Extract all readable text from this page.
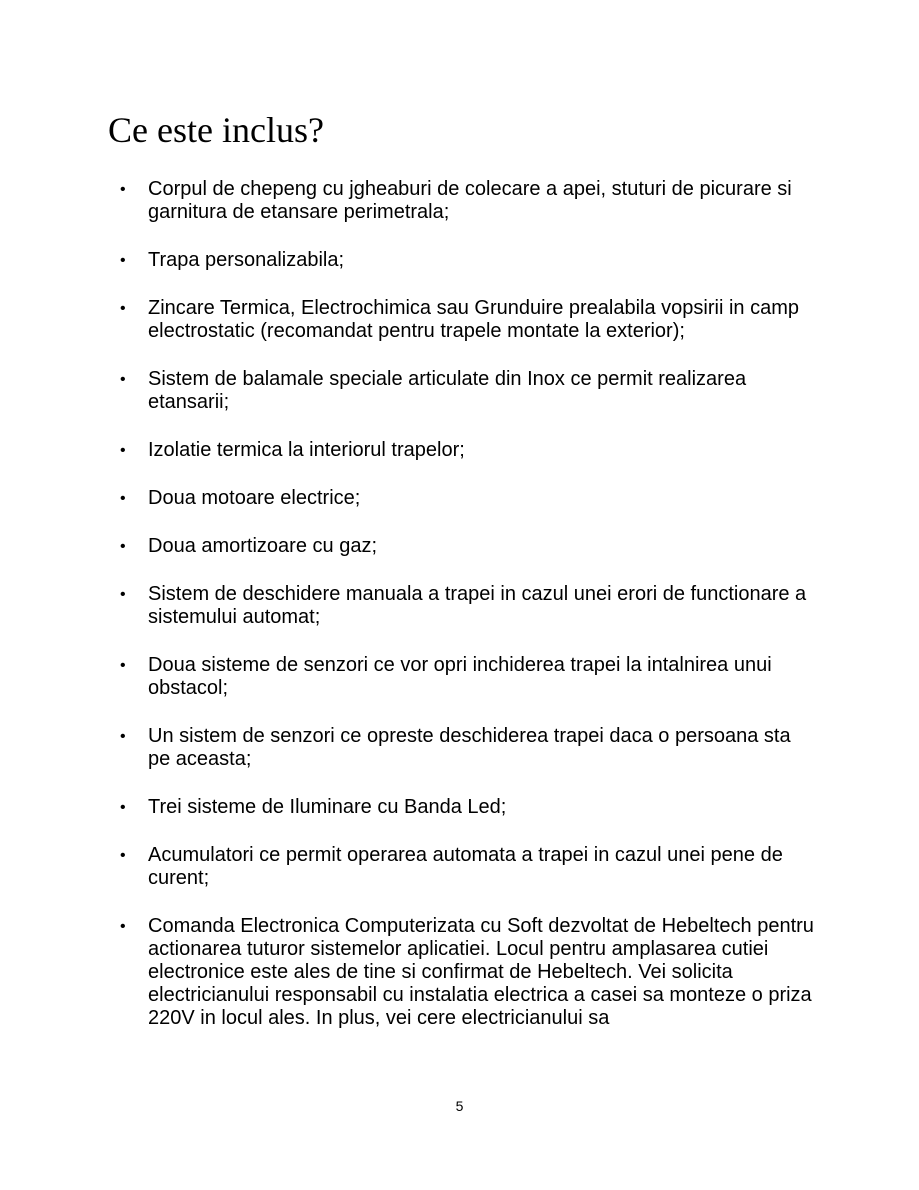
Ce este inclus?
• Corpul de chepeng cu jgheaburi de colecare a apei, stuturi de picurare si garnitura de etansare perimetrala;
• Trapa personalizabila;
• Zincare Termica, Electrochimica sau Grunduire prealabila vopsirii in camp electrostatic (recomandat pentru trapele montate la exterior);
• Sistem de balamale speciale articulate din Inox ce permit realizarea etansarii;
• Izolatie termica la interiorul trapelor;
• Doua motoare electrice;
• Doua amortizoare cu gaz;
• Sistem de deschidere manuala a trapei in cazul unei erori de functionare a sistemului automat;
• Doua sisteme de senzori ce vor opri inchiderea trapei la intalnirea unui obstacol;
• Un sistem de senzori ce opreste deschiderea trapei daca o persoana sta pe aceasta;
• Trei sisteme de Iluminare cu Banda Led;
• Acumulatori ce permit operarea automata a trapei in cazul unei pene de curent;
• Comanda Electronica Computerizata cu Soft dezvoltat de Hebeltech pentru actionarea tuturor sistemelor aplicatiei. Locul pentru amplasarea cutiei electronice este ales de tine si confirmat de Hebeltech. Vei solicita electricianului responsabil cu instalatia electrica a casei sa monteze o priza 220V in locul ales. In plus, vei cere electricianului sa
5
